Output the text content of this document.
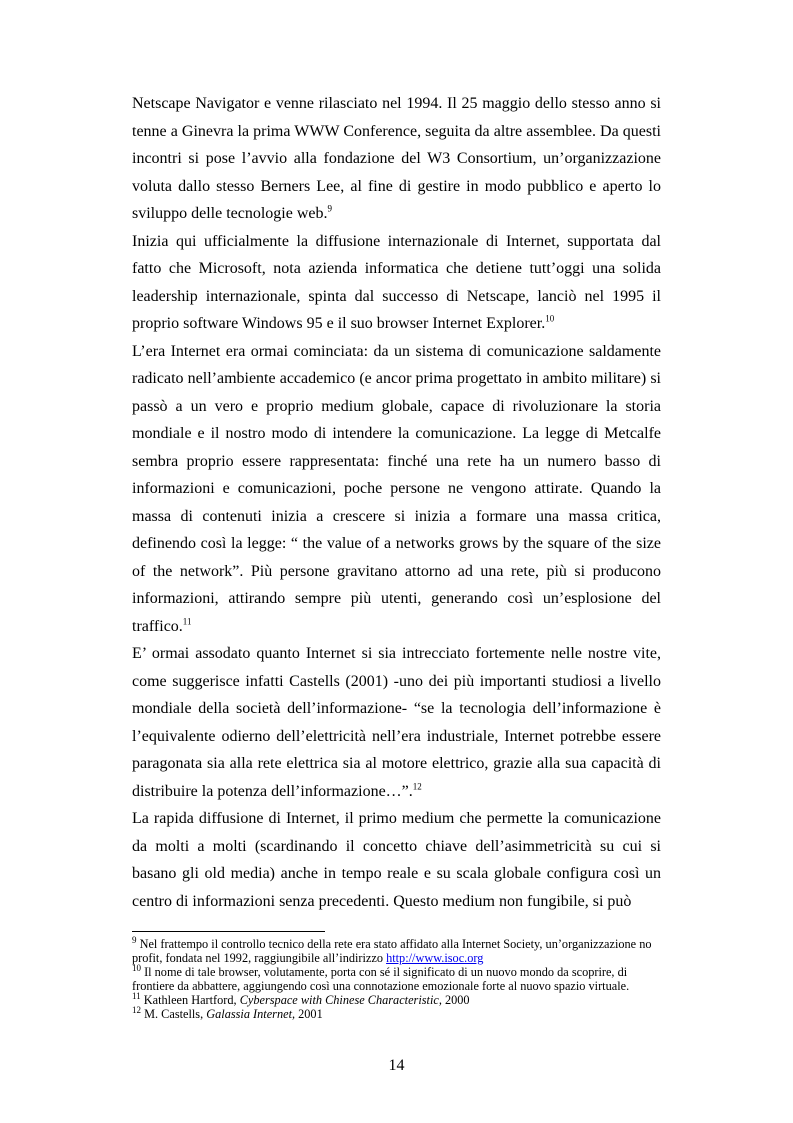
Netscape Navigator e venne rilasciato nel 1994. Il 25 maggio dello stesso anno si tenne a Ginevra la prima WWW Conference, seguita da altre assemblee. Da questi incontri si pose l’avvio alla fondazione del W3 Consortium, un’organizzazione voluta dallo stesso Berners Lee, al fine di gestire in modo pubblico e aperto lo sviluppo delle tecnologie web.$^9$

Inizia qui ufficialmente la diffusione internazionale di Internet, supportata dal fatto che Microsoft, nota azienda informatica che detiene tutt’oggi una solida leadership internazionale, spinta dal successo di Netscape, lanciò nel 1995 il proprio software Windows 95 e il suo browser Internet Explorer.$^{10}$

L’era Internet era ormai cominciata: da un sistema di comunicazione saldamente radicato nell’ambiente accademico (e ancor prima progettato in ambito militare) si passò a un vero e proprio medium globale, capace di rivoluzionare la storia mondiale e il nostro modo di intendere la comunicazione. La legge di Metcalfe sembra proprio essere rappresentata: finché una rete ha un numero basso di informazioni e comunicazioni, poche persone ne vengono attirate. Quando la massa di contenuti inizia a crescere si inizia a formare una massa critica, definendo così la legge: “ the value of a networks grows by the square of the size of the network”. Più persone gravitano attorno ad una rete, più si producono informazioni, attirando sempre più utenti, generando così un’esplosione del traffico.$^{11}$

E’ ormai assodato quanto Internet si sia intrecciato fortemente nelle nostre vite, come suggerisce infatti Castells (2001) -uno dei più importanti studiosi a livello mondiale della società dell’informazione- “se la tecnologia dell’informazione è l’equivalente odierno dell’elettricità nell’era industriale, Internet potrebbe essere paragonata sia alla rete elettrica sia al motore elettrico, grazie alla sua capacità di distribuire la potenza dell’informazione…”.$^{12}$

La rapida diffusione di Internet, il primo medium che permette la comunicazione da molti a molti (scardinando il concetto chiave dell’asimmetricità su cui si basano gli old media) anche in tempo reale e su scala globale configura così un centro di informazioni senza precedenti. Questo medium non fungibile, si può

$^9$ Nel frattempo il controllo tecnico della rete era stato affidato alla Internet Society, un’organizzazione no profit, fondata nel 1992, raggiungibile all’indirizzo http://www.isoc.org

$^{10}$ Il nome di tale browser, volutamente, porta con sé il significato di un nuovo mondo da scoprire, di frontiere da abbattere, aggiungendo così una connotazione emozionale forte al nuovo spazio virtuale.

$^{11}$ Kathleen Hartford, Cyberspace with Chinese Characteristic, 2000

$^{12}$ M. Castells, Galassia Internet, 2001

14
